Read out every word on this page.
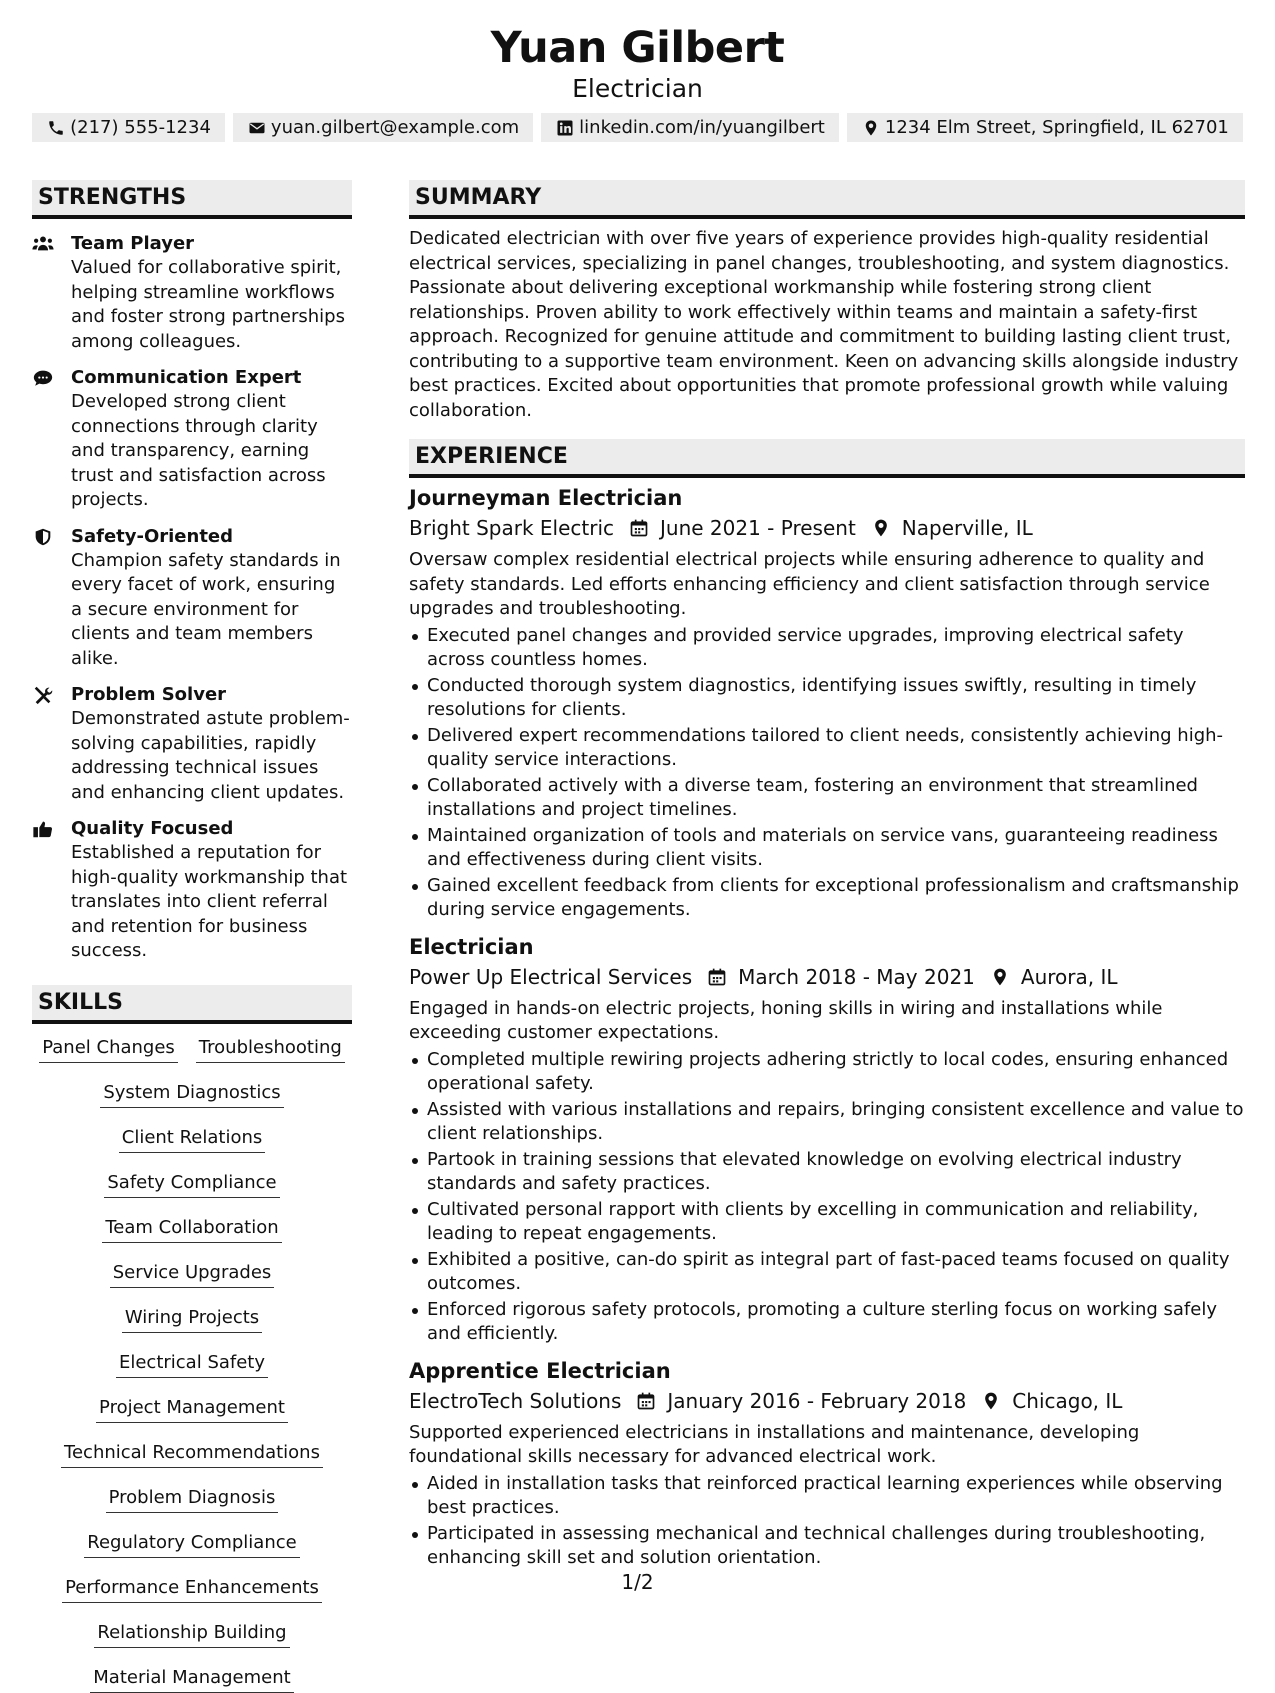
Yuan Gilbert
Electrician
(217) 555-1234	yuan.gilbert@example.com	linkedin.com/in/yuangilbert	1234 Elm Street, Springfield, IL 62701
STRENGTHS
Team Player
Valued for collaborative spirit, helping streamline workflows and foster strong partnerships among colleagues.
Communication Expert
Developed strong client connections through clarity and transparency, earning trust and satisfaction across projects.
Safety-Oriented
Champion safety standards in every facet of work, ensuring a secure environment for clients and team members alike.
Problem Solver
Demonstrated astute problem-solving capabilities, rapidly addressing technical issues and enhancing client updates.
Quality Focused
Established a reputation for high-quality workmanship that translates into client referral and retention for business success.
SKILLS
Panel Changes Troubleshooting
System Diagnostics
Client Relations
Safety Compliance
Team Collaboration
Service Upgrades
Wiring Projects
Electrical Safety
Project Management
Technical Recommendations
Problem Diagnosis
Regulatory Compliance
Performance Enhancements
Relationship Building
Material Management
SUMMARY
Dedicated electrician with over five years of experience provides high-quality residential electrical services, specializing in panel changes, troubleshooting, and system diagnostics. Passionate about delivering exceptional workmanship while fostering strong client relationships. Proven ability to work effectively within teams and maintain a safety-first approach. Recognized for genuine attitude and commitment to building lasting client trust, contributing to a supportive team environment. Keen on advancing skills alongside industry best practices. Excited about opportunities that promote professional growth while valuing collaboration.
EXPERIENCE
Journeyman Electrician
Bright Spark Electric June 2021 - Present Naperville, IL
Oversaw complex residential electrical projects while ensuring adherence to quality and safety standards. Led efforts enhancing efficiency and client satisfaction through service upgrades and troubleshooting.
Executed panel changes and provided service upgrades, improving electrical safety across countless homes.
Conducted thorough system diagnostics, identifying issues swiftly, resulting in timely resolutions for clients.
Delivered expert recommendations tailored to client needs, consistently achieving high-quality service interactions.
Collaborated actively with a diverse team, fostering an environment that streamlined installations and project timelines.
Maintained organization of tools and materials on service vans, guaranteeing readiness and effectiveness during client visits.
Gained excellent feedback from clients for exceptional professionalism and craftsmanship during service engagements.
Electrician
Power Up Electrical Services March 2018 - May 2021 Aurora, IL
Engaged in hands-on electric projects, honing skills in wiring and installations while exceeding customer expectations.
Completed multiple rewiring projects adhering strictly to local codes, ensuring enhanced operational safety.
Assisted with various installations and repairs, bringing consistent excellence and value to client relationships.
Partook in training sessions that elevated knowledge on evolving electrical industry standards and safety practices.
Cultivated personal rapport with clients by excelling in communication and reliability, leading to repeat engagements.
Exhibited a positive, can-do spirit as integral part of fast-paced teams focused on quality outcomes.
Enforced rigorous safety protocols, promoting a culture sterling focus on working safely and efficiently.
Apprentice Electrician
ElectroTech Solutions January 2016 - February 2018 Chicago, IL
Supported experienced electricians in installations and maintenance, developing foundational skills necessary for advanced electrical work.
Aided in installation tasks that reinforced practical learning experiences while observing best practices.
Participated in assessing mechanical and technical challenges during troubleshooting, enhancing skill set and solution orientation.
1/2
